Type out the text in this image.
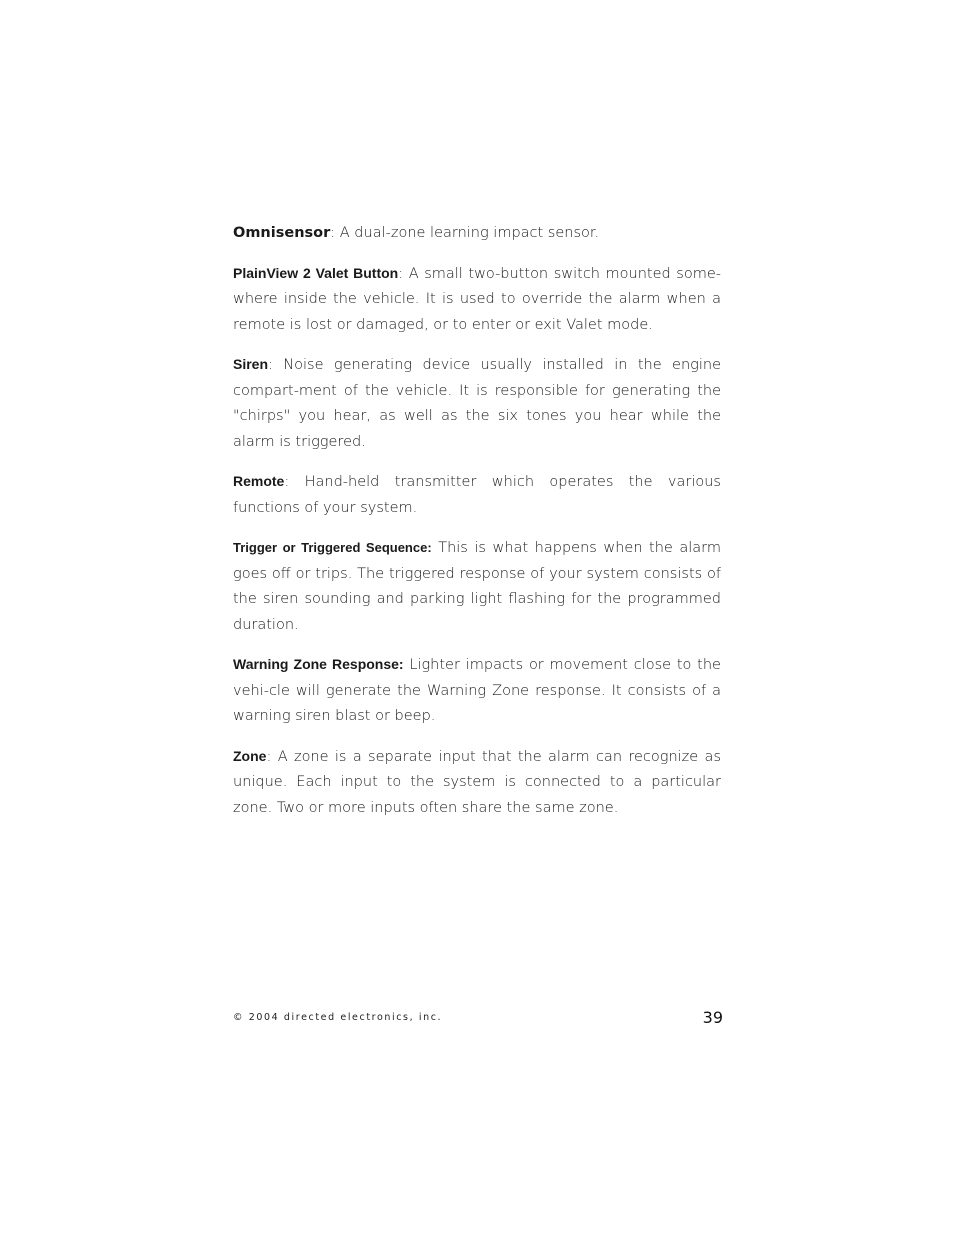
Omnisensor: A dual-zone learning impact sensor.

PlainView 2 Valet Button: A small two-button switch mounted some-where inside the vehicle. It is used to override the alarm when a remote is lost or damaged, or to enter or exit Valet mode.

Siren: Noise generating device usually installed in the engine compart-ment of the vehicle. It is responsible for generating the "chirps" you hear, as well as the six tones you hear while the alarm is triggered.

Remote: Hand-held transmitter which operates the various functions of your system.

Trigger or Triggered Sequence: This is what happens when the alarm goes off or trips. The triggered response of your system consists of the siren sounding and parking light flashing for the programmed duration.

Warning Zone Response: Lighter impacts or movement close to the vehi-cle will generate the Warning Zone response. It consists of a warning siren blast or beep.

Zone: A zone is a separate input that the alarm can recognize as unique. Each input to the system is connected to a particular zone. Two or more inputs often share the same zone.

© 2004 directed electronics, inc.	39
